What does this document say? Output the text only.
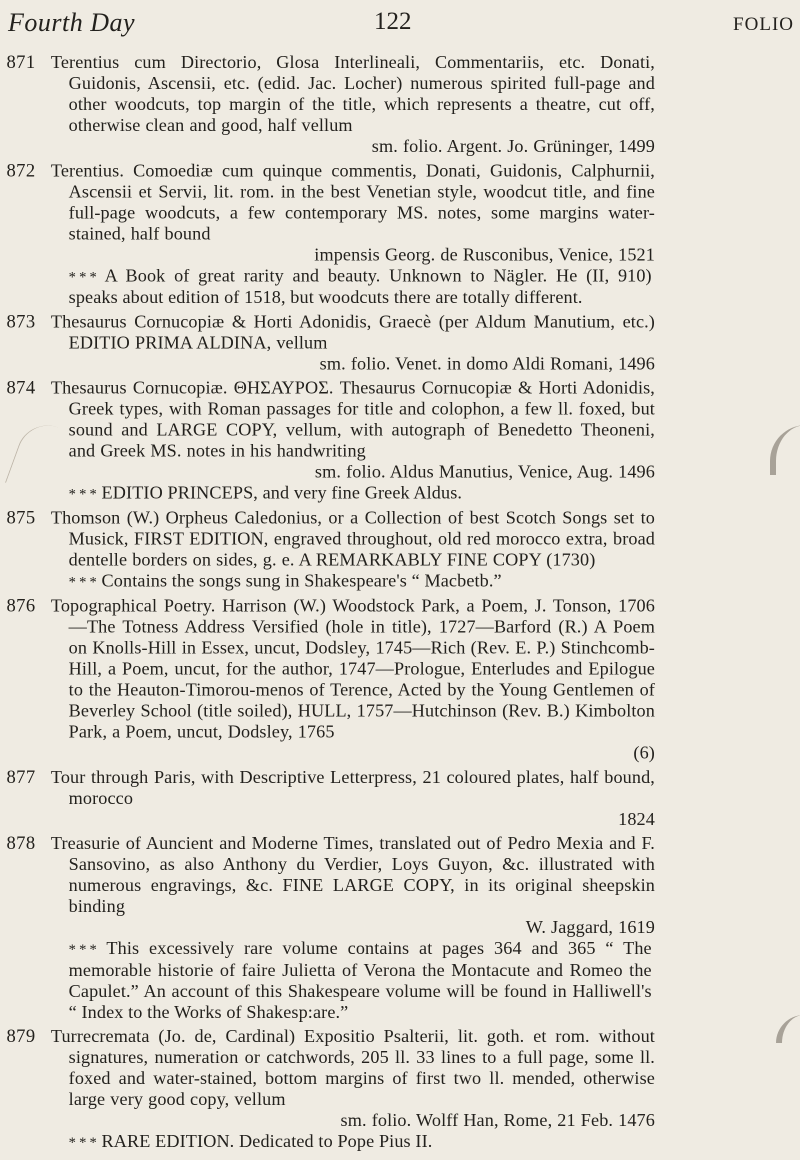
Fourth Day	122	FOLIO
871 Terentius cum Directorio, Glosa Interlineali, Commentariis, etc. Donati, Guidonis, Ascensii, etc. (edid. Jac. Locher) numerous spirited full-page and other woodcuts, top margin of the title, which represents a theatre, cut off, otherwise clean and good, half vellum
sm. folio. Argent. Jo. Grüninger, 1499
872 Terentius. Comoediæ cum quinque commentis, Donati, Guidonis, Calphurnii, Ascensii et Servii, lit. rom. in the best Venetian style, woodcut title, and fine full-page woodcuts, a few contemporary MS. notes, some margins water-stained, half bound
impensis Georg. de Rusconibus, Venice, 1521
* * * A Book of great rarity and beauty. Unknown to Nägler. He (II, 910) speaks about edition of 1518, but woodcuts there are totally different.
873 Thesaurus Cornucopiæ & Horti Adonidis, Graecè (per Aldum Manutium, etc.) EDITIO PRIMA ALDINA, vellum
sm. folio. Venet. in domo Aldi Romani, 1496
874 Thesaurus Cornucopiæ. ΘΗΣΑΥΡΟΣ. Thesaurus Cornucopiæ & Horti Adonidis, Greek types, with Roman passages for title and colophon, a few ll. foxed, but sound and LARGE COPY, vellum, with autograph of Benedetto Theoneni, and Greek MS. notes in his handwriting
sm. folio. Aldus Manutius, Venice, Aug. 1496
* * * EDITIO PRINCEPS, and very fine Greek Aldus.
875 Thomson (W.) Orpheus Caledonius, or a Collection of best Scotch Songs set to Musick, FIRST EDITION, engraved throughout, old red morocco extra, broad dentelle borders on sides, g. e. A REMARKABLY FINE COPY (1730)
* * * Contains the songs sung in Shakespeare's “ Macbetb.”
876 Topographical Poetry. Harrison (W.) Woodstock Park, a Poem, J. Tonson, 1706—The Totness Address Versified (hole in title), 1727—Barford (R.) A Poem on Knolls-Hill in Essex, uncut, Dodsley, 1745—Rich (Rev. E. P.) Stinchcomb-Hill, a Poem, uncut, for the author, 1747—Prologue, Enterludes and Epilogue to the Heauton-Timorou-menos of Terence, Acted by the Young Gentlemen of Beverley School (title soiled), HULL, 1757—Hutchinson (Rev. B.) Kimbolton Park, a Poem, uncut, Dodsley, 1765
(6)
877 Tour through Paris, with Descriptive Letterpress, 21 coloured plates, half bound, morocco
1824
878 Treasurie of Auncient and Moderne Times, translated out of Pedro Mexia and F. Sansovino, as also Anthony du Verdier, Loys Guyon, &c. illustrated with numerous engravings, &c. FINE LARGE COPY, in its original sheepskin binding
W. Jaggard, 1619
* * * This excessively rare volume contains at pages 364 and 365 “ The memorable historie of faire Julietta of Verona the Montacute and Romeo the Capulet.” An account of this Shakespeare volume will be found in Halliwell's “ Index to the Works of Shakesp:are.”
879 Turrecremata (Jo. de, Cardinal) Expositio Psalterii, lit. goth. et rom. without signatures, numeration or catchwords, 205 ll. 33 lines to a full page, some ll. foxed and water-stained, bottom margins of first two ll. mended, otherwise large very good copy, vellum
sm. folio. Wolff Han, Rome, 21 Feb. 1476
* * * RARE EDITION. Dedicated to Pope Pius II.
